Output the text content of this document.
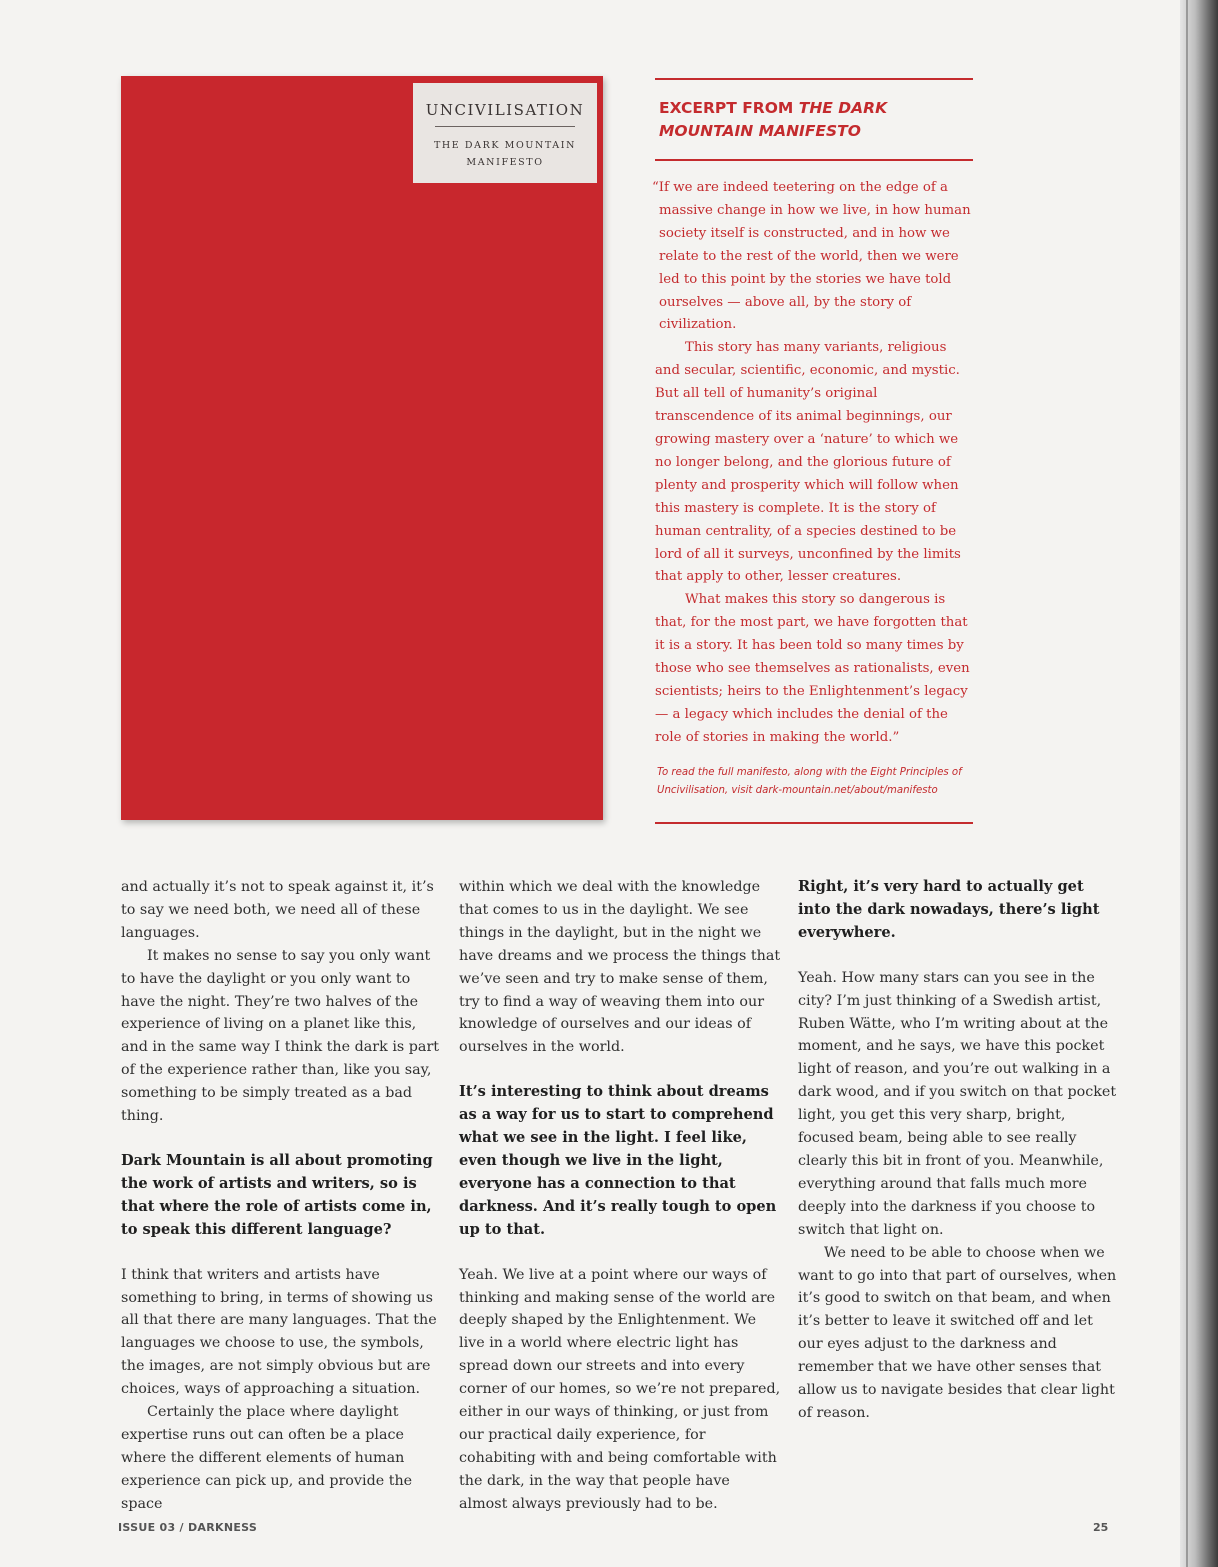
UNCIVILISATION
THE DARK MOUNTAIN MANIFESTO
EXCERPT FROM THE DARK MOUNTAIN MANIFESTO

“If we are indeed teetering on the edge of a massive change in how we live, in how human society itself is constructed, and in how we relate to the rest of the world, then we were led to this point by the stories we have told ourselves — above all, by the story of civilization.

This story has many variants, religious and secular, scientific, economic, and mystic. But all tell of humanity’s original transcendence of its animal beginnings, our growing mastery over a ‘nature’ to which we no longer belong, and the glorious future of plenty and prosperity which will follow when this mastery is complete. It is the story of human centrality, of a species destined to be lord of all it surveys, unconfined by the limits that apply to other, lesser creatures.

What makes this story so dangerous is that, for the most part, we have forgotten that it is a story. It has been told so many times by those who see themselves as rationalists, even scientists; heirs to the Enlightenment’s legacy — a legacy which includes the denial of the role of stories in making the world.”

To read the full manifesto, along with the Eight Principles of Uncivilisation, visit dark-mountain.net/about/manifesto

and actually it’s not to speak against it, it’s to say we need both, we need all of these languages.

It makes no sense to say you only want to have the daylight or you only want to have the night. They’re two halves of the experience of living on a planet like this, and in the same way I think the dark is part of the experience rather than, like you say, something to be simply treated as a bad thing.

Dark Mountain is all about promoting the work of artists and writers, so is that where the role of artists come in, to speak this different language?

I think that writers and artists have something to bring, in terms of showing us all that there are many languages. That the languages we choose to use, the symbols, the images, are not simply obvious but are choices, ways of approaching a situation.

Certainly the place where daylight expertise runs out can often be a place where the different elements of human experience can pick up, and provide the space

within which we deal with the knowledge that comes to us in the daylight. We see things in the daylight, but in the night we have dreams and we process the things that we’ve seen and try to make sense of them, try to find a way of weaving them into our knowledge of ourselves and our ideas of ourselves in the world.

It’s interesting to think about dreams as a way for us to start to comprehend what we see in the light. I feel like, even though we live in the light, everyone has a connection to that darkness. And it’s really tough to open up to that.

Yeah. We live at a point where our ways of thinking and making sense of the world are deeply shaped by the Enlightenment. We live in a world where electric light has spread down our streets and into every corner of our homes, so we’re not prepared, either in our ways of thinking, or just from our practical daily experience, for cohabiting with and being comfortable with the dark, in the way that people have almost always previously had to be.

Right, it’s very hard to actually get into the dark nowadays, there’s light everywhere.

Yeah. How many stars can you see in the city? I’m just thinking of a Swedish artist, Ruben Wätte, who I’m writing about at the moment, and he says, we have this pocket light of reason, and you’re out walking in a dark wood, and if you switch on that pocket light, you get this very sharp, bright, focused beam, being able to see really clearly this bit in front of you. Meanwhile, everything around that falls much more deeply into the darkness if you choose to switch that light on.

We need to be able to choose when we want to go into that part of ourselves, when it’s good to switch on that beam, and when it’s better to leave it switched off and let our eyes adjust to the darkness and remember that we have other senses that allow us to navigate besides that clear light of reason.

ISSUE 03 / DARKNESS	25
